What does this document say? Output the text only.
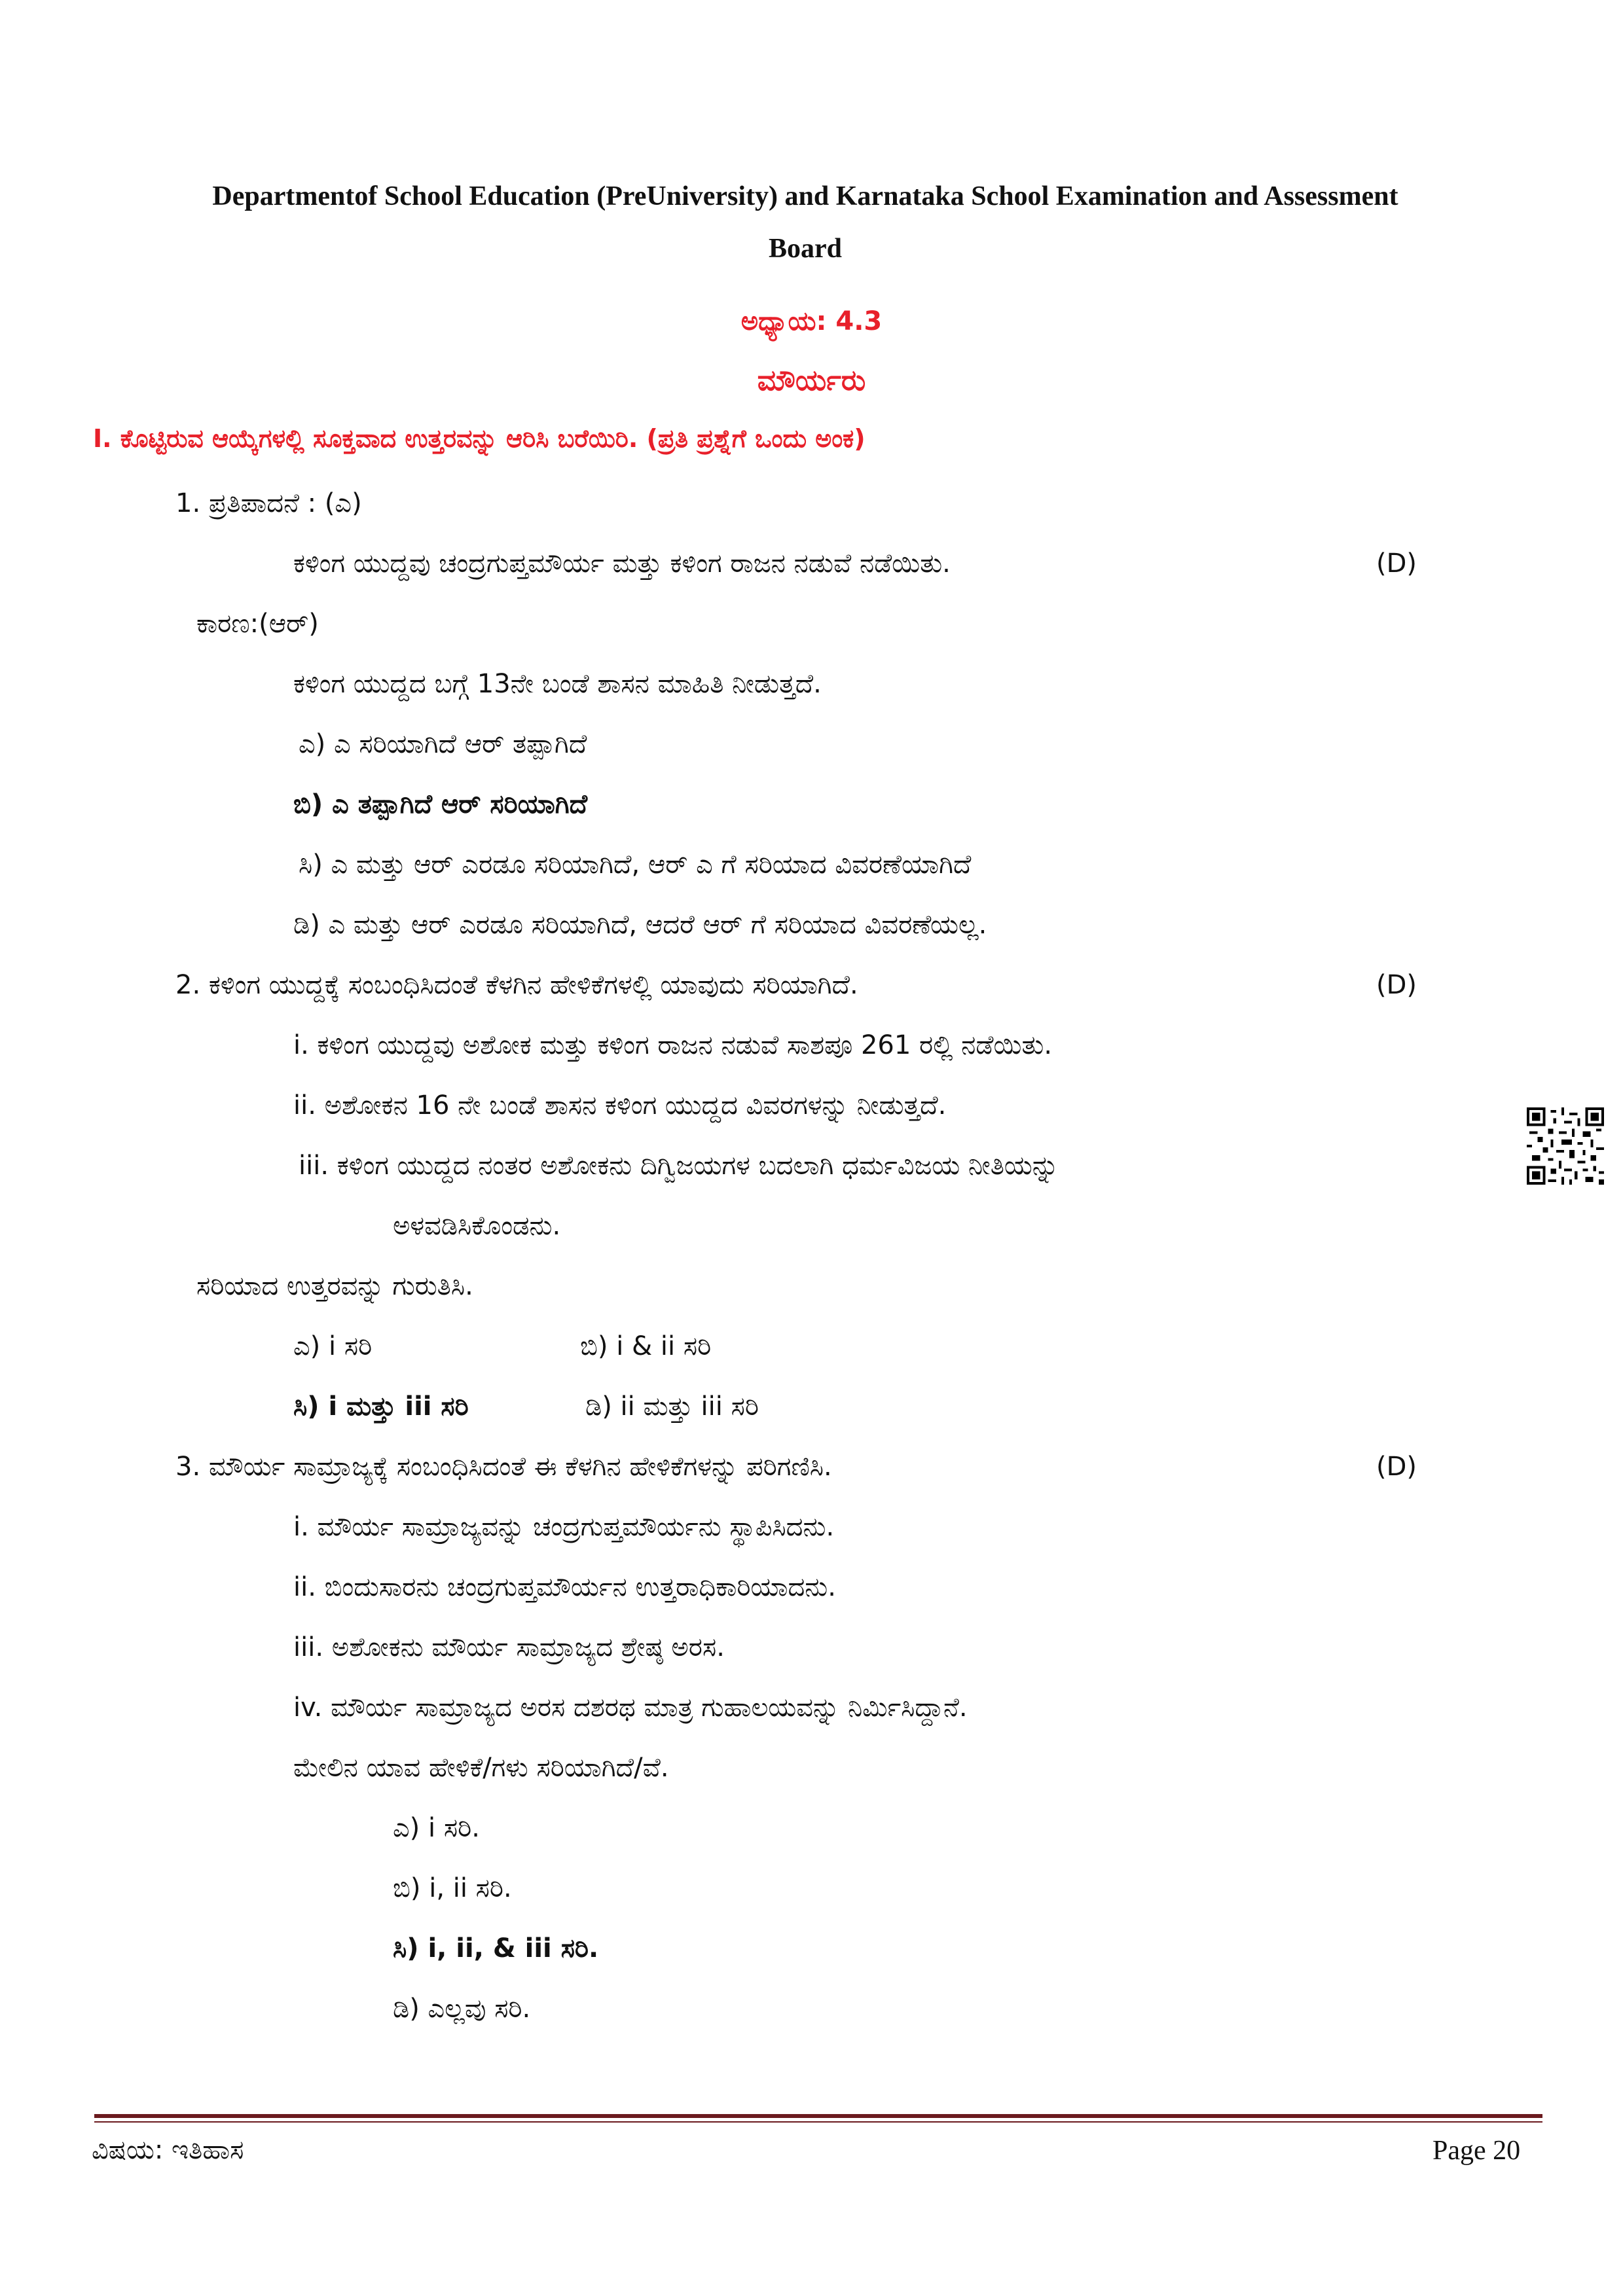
Departmentof School Education (PreUniversity) and Karnataka School Examination and Assessment
Board
ಅಧ್ಯಾಯ: 4.3
ಮೌರ್ಯರು
I. ಕೊಟ್ಟಿರುವ ಆಯ್ಕೆಗಳಲ್ಲಿ ಸೂಕ್ತವಾದ ಉತ್ತರವನ್ನು ಆರಿಸಿ ಬರೆಯಿರಿ. (ಪ್ರತಿ ಪ್ರಶ್ನೆಗೆ ಒಂದು ಅಂಕ)
1. ಪ್ರತಿಪಾದನೆ : (ಎ)
ಕಳಿಂಗ ಯುದ್ದವು ಚಂದ್ರಗುಪ್ತಮೌರ್ಯ ಮತ್ತು ಕಳಿಂಗ ರಾಜನ ನಡುವೆ ನಡೆಯಿತು.	(D)
ಕಾರಣ:(ಆರ್)
ಕಳಿಂಗ ಯುದ್ದದ ಬಗ್ಗೆ 13ನೇ ಬಂಡೆ ಶಾಸನ ಮಾಹಿತಿ ನೀಡುತ್ತದೆ.
ಎ) ಎ ಸರಿಯಾಗಿದೆ ಆರ್ ತಪ್ಪಾಗಿದೆ
ಬಿ) ಎ ತಪ್ಪಾಗಿದೆ ಆರ್ ಸರಿಯಾಗಿದೆ
ಸಿ) ಎ ಮತ್ತು ಆರ್ ಎರಡೂ ಸರಿಯಾಗಿದೆ, ಆರ್ ಎ ಗೆ ಸರಿಯಾದ ವಿವರಣೆಯಾಗಿದೆ
ಡಿ) ಎ ಮತ್ತು ಆರ್ ಎರಡೂ ಸರಿಯಾಗಿದೆ, ಆದರೆ ಆರ್ ಗೆ ಸರಿಯಾದ ವಿವರಣೆಯಲ್ಲ.
2. ಕಳಿಂಗ ಯುದ್ದಕ್ಕೆ ಸಂಬಂಧಿಸಿದಂತೆ ಕೆಳಗಿನ ಹೇಳಿಕೆಗಳಲ್ಲಿ ಯಾವುದು ಸರಿಯಾಗಿದೆ.	(D)
i. ಕಳಿಂಗ ಯುದ್ದವು ಅಶೋಕ ಮತ್ತು ಕಳಿಂಗ ರಾಜನ ನಡುವೆ ಸಾಶಪೂ 261 ರಲ್ಲಿ ನಡೆಯಿತು.
ii. ಅಶೋಕನ 16 ನೇ ಬಂಡೆ ಶಾಸನ ಕಳಿಂಗ ಯುದ್ದದ ವಿವರಗಳನ್ನು ನೀಡುತ್ತದೆ.
iii. ಕಳಿಂಗ ಯುದ್ದದ ನಂತರ ಅಶೋಕನು ದಿಗ್ವಿಜಯಗಳ ಬದಲಾಗಿ ಧರ್ಮವಿಜಯ ನೀತಿಯನ್ನು
ಅಳವಡಿಸಿಕೊಂಡನು.
ಸರಿಯಾದ ಉತ್ತರವನ್ನು ಗುರುತಿಸಿ.
ಎ) i ಸರಿ	ಬಿ) i & ii ಸರಿ
ಸಿ) i ಮತ್ತು iii ಸರಿ	ಡಿ) ii ಮತ್ತು iii ಸರಿ
3. ಮೌರ್ಯ ಸಾಮ್ರಾಜ್ಯಕ್ಕೆ ಸಂಬಂಧಿಸಿದಂತೆ ಈ ಕೆಳಗಿನ ಹೇಳಿಕೆಗಳನ್ನು ಪರಿಗಣಿಸಿ.	(D)
i. ಮೌರ್ಯ ಸಾಮ್ರಾಜ್ಯವನ್ನು ಚಂದ್ರಗುಪ್ತಮೌರ್ಯನು ಸ್ಥಾಪಿಸಿದನು.
ii. ಬಿಂದುಸಾರನು ಚಂದ್ರಗುಪ್ತಮೌರ್ಯನ ಉತ್ತರಾಧಿಕಾರಿಯಾದನು.
iii. ಅಶೋಕನು ಮೌರ್ಯ ಸಾಮ್ರಾಜ್ಯದ ಶ್ರೇಷ್ಠ ಅರಸ.
iv. ಮೌರ್ಯ ಸಾಮ್ರಾಜ್ಯದ ಅರಸ ದಶರಥ ಮಾತ್ರ ಗುಹಾಲಯವನ್ನು ನಿರ್ಮಿಸಿದ್ದಾನೆ.
ಮೇಲಿನ ಯಾವ ಹೇಳಿಕೆ/ಗಳು ಸರಿಯಾಗಿದೆ/ವೆ.
ಎ) i ಸರಿ.
ಬಿ) i, ii ಸರಿ.
ಸಿ) i, ii, & iii ಸರಿ.
ಡಿ) ಎಲ್ಲವು ಸರಿ.
ವಿಷಯ: ಇತಿಹಾಸ	Page 20
